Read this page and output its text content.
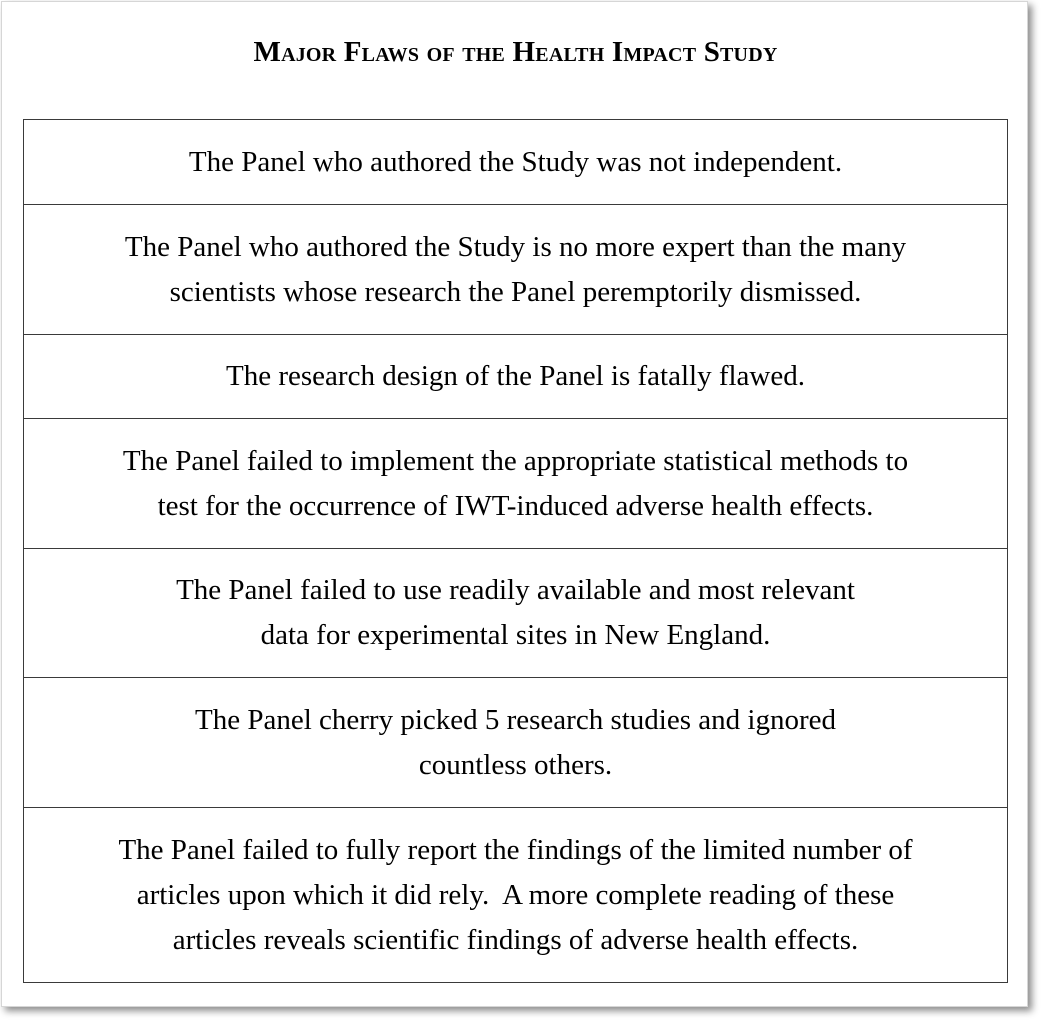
Major Flaws of the Health Impact Study
The Panel who authored the Study was not independent.

The Panel who authored the Study is no more expert than the many
scientists whose research the Panel peremptorily dismissed.

The research design of the Panel is fatally flawed.

The Panel failed to implement the appropriate statistical methods to
test for the occurrence of IWT-induced adverse health effects.

The Panel failed to use readily available and most relevant
data for experimental sites in New England.

The Panel cherry picked 5 research studies and ignored
countless others.

The Panel failed to fully report the findings of the limited number of
articles upon which it did rely.  A more complete reading of these
articles reveals scientific findings of adverse health effects.
